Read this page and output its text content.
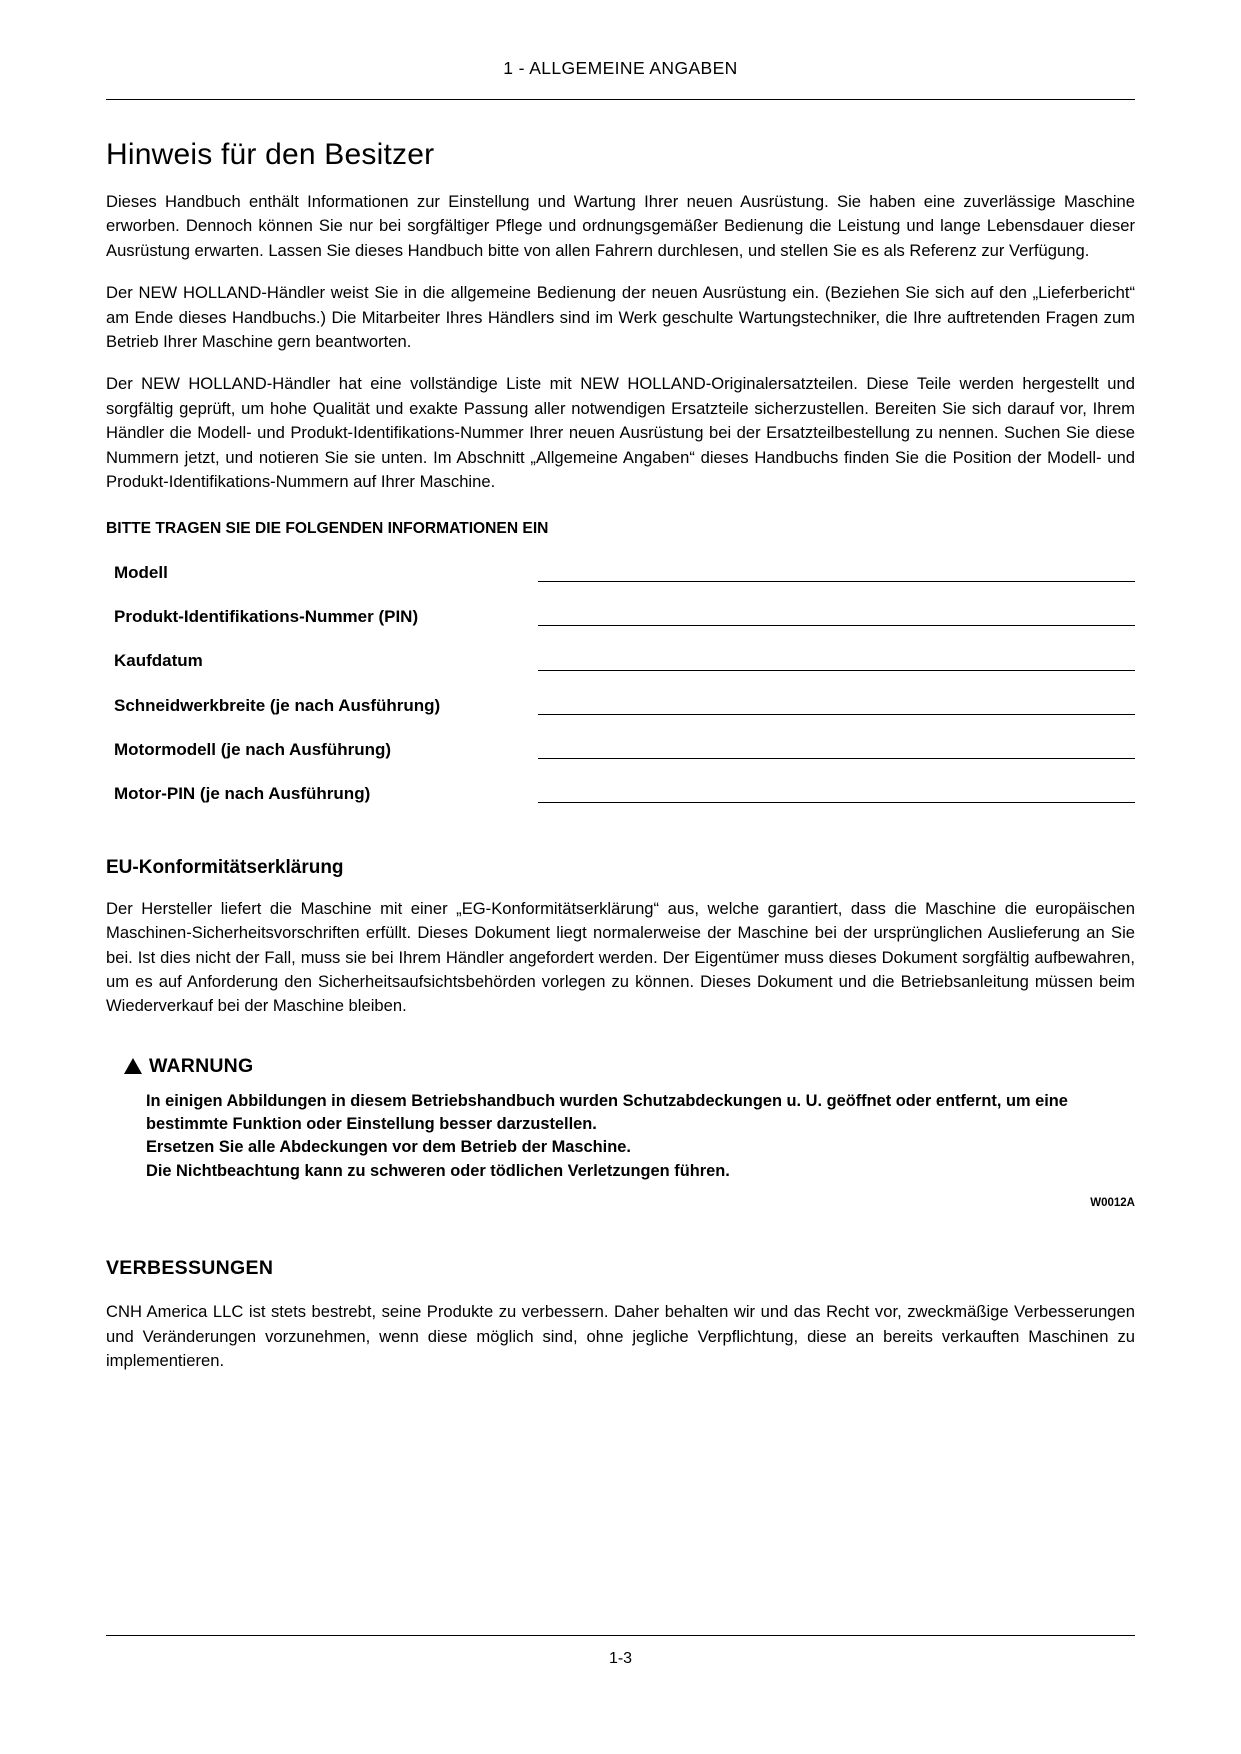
1 - ALLGEMEINE ANGABEN
Hinweis für den Besitzer

Dieses Handbuch enthält Informationen zur Einstellung und Wartung Ihrer neuen Ausrüstung. Sie haben eine zuverlässige Maschine erworben. Dennoch können Sie nur bei sorgfältiger Pflege und ordnungsgemäßer Bedienung die Leistung und lange Lebensdauer dieser Ausrüstung erwarten. Lassen Sie dieses Handbuch bitte von allen Fahrern durchlesen, und stellen Sie es als Referenz zur Verfügung.

Der NEW HOLLAND-Händler weist Sie in die allgemeine Bedienung der neuen Ausrüstung ein. (Beziehen Sie sich auf den „Lieferbericht“ am Ende dieses Handbuchs.) Die Mitarbeiter Ihres Händlers sind im Werk geschulte Wartungstechniker, die Ihre auftretenden Fragen zum Betrieb Ihrer Maschine gern beantworten.

Der NEW HOLLAND-Händler hat eine vollständige Liste mit NEW HOLLAND-Originalersatzteilen. Diese Teile werden hergestellt und sorgfältig geprüft, um hohe Qualität und exakte Passung aller notwendigen Ersatzteile sicherzustellen. Bereiten Sie sich darauf vor, Ihrem Händler die Modell- und Produkt-Identifikations-Nummer Ihrer neuen Ausrüstung bei der Ersatzteilbestellung zu nennen. Suchen Sie diese Nummern jetzt, und notieren Sie sie unten. Im Abschnitt „Allgemeine Angaben“ dieses Handbuchs finden Sie die Position der Modell- und Produkt-Identifikations-Nummern auf Ihrer Maschine.

BITTE TRAGEN SIE DIE FOLGENDEN INFORMATIONEN EIN
Modell	

Produkt-Identifikations-Nummer (PIN)	

Kaufdatum	

Schneidwerkbreite (je nach Ausführung)	

Motormodell (je nach Ausführung)	

Motor-PIN (je nach Ausführung)	
EU-Konformitätserklärung

Der Hersteller liefert die Maschine mit einer „EG-Konformitätserklärung“ aus, welche garantiert, dass die Maschine die europäischen Maschinen-Sicherheitsvorschriften erfüllt. Dieses Dokument liegt normalerweise der Maschine bei der ursprünglichen Auslieferung an Sie bei. Ist dies nicht der Fall, muss sie bei Ihrem Händler angefordert werden. Der Eigentümer muss dieses Dokument sorgfältig aufbewahren, um es auf Anforderung den Sicherheitsaufsichtsbehörden vorlegen zu können. Dieses Dokument und die Betriebsanleitung müssen beim Wiederverkauf bei der Maschine bleiben.

WARNUNG
In einigen Abbildungen in diesem Betriebshandbuch wurden Schutzabdeckungen u. U. geöffnet oder entfernt, um eine bestimmte Funktion oder Einstellung besser darzustellen.
Ersetzen Sie alle Abdeckungen vor dem Betrieb der Maschine.
Die Nichtbeachtung kann zu schweren oder tödlichen Verletzungen führen.
W0012A
VERBESSUNGEN

CNH America LLC ist stets bestrebt, seine Produkte zu verbessern. Daher behalten wir und das Recht vor, zweckmäßige Verbesserungen und Veränderungen vorzunehmen, wenn diese möglich sind, ohne jegliche Verpflichtung, diese an bereits verkauften Maschinen zu implementieren.

1-3
